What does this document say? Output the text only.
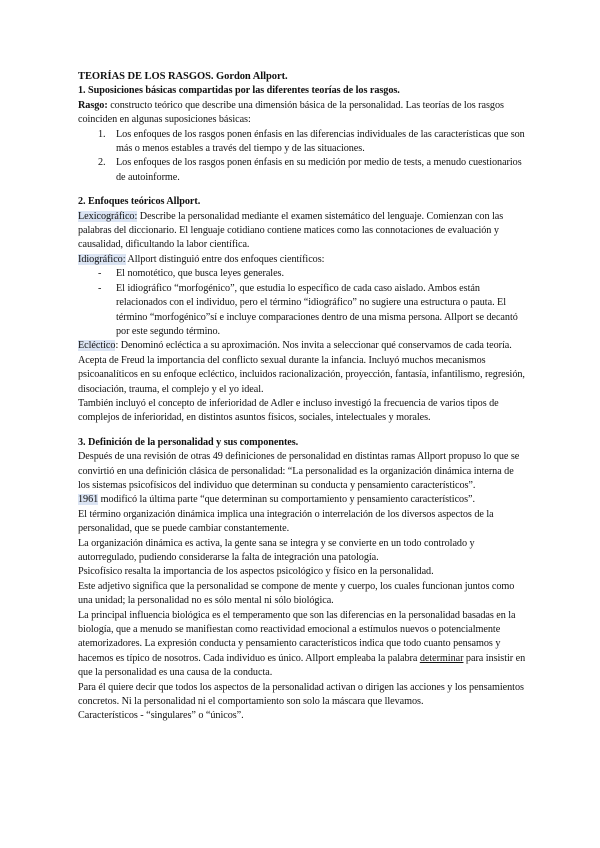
TEORÍAS DE LOS RASGOS. Gordon Allport.

1. Suposiciones básicas compartidas por las diferentes teorías de los rasgos.

Rasgo: constructo teórico que describe una dimensión básica de la personalidad. Las teorías de los rasgos coinciden en algunas suposiciones básicas:

1. Los enfoques de los rasgos ponen énfasis en las diferencias individuales de las características que son más o menos estables a través del tiempo y de las situaciones.
2. Los enfoques de los rasgos ponen énfasis en su medición por medio de tests, a menudo cuestionarios de autoinforme.

2. Enfoques teóricos Allport.

Lexicográfico: Describe la personalidad mediante el examen sistemático del lenguaje. Comienzan con las palabras del diccionario. El lenguaje cotidiano contiene matices como las connotaciones de evaluación y causalidad, dificultando la labor científica.

Idiográfico: Allport distinguió entre dos enfoques científicos:

- El nomotético, que busca leyes generales.
- El idiográfico “morfogénico”, que estudia lo específico de cada caso aislado. Ambos están relacionados con el individuo, pero el término “idiográfico” no sugiere una estructura o pauta. El término “morfogénico”sí e incluye comparaciones dentro de una misma persona. Allport se decantó por este segundo término.

Ecléctico: Denominó ecléctica a su aproximación. Nos invita a seleccionar qué conservamos de cada teoría.

Acepta de Freud la importancia del conflicto sexual durante la infancia. Incluyó muchos mecanismos psicoanalíticos en su enfoque ecléctico, incluidos racionalización, proyección, fantasía, infantilismo, regresión, disociación, trauma, el complejo y el yo ideal.

También incluyó el concepto de inferioridad de Adler e incluso investigó la frecuencia de varios tipos de complejos de inferioridad, en distintos asuntos físicos, sociales, intelectuales y morales.

3. Definición de la personalidad y sus componentes.

Después de una revisión de otras 49 definiciones de personalidad en distintas ramas Allport propuso lo que se convirtió en una definición clásica de personalidad: “La personalidad es la organización dinámica interna de los sistemas psicofísicos del individuo que determinan su conducta y pensamiento característicos”.

1961 modificó la última parte “que determinan su comportamiento y pensamiento característicos”.

El término organización dinámica implica una integración o interrelación de los diversos aspectos de la personalidad, que se puede cambiar constantemente.

La organización dinámica es activa, la gente sana se integra y se convierte en un todo controlado y autorregulado, pudiendo considerarse la falta de integración una patología.

Psicofísico resalta la importancia de los aspectos psicológico y físico en la personalidad.

Este adjetivo significa que la personalidad se compone de mente y cuerpo, los cuales funcionan juntos como una unidad; la personalidad no es sólo mental ni sólo biológica.

La principal influencia biológica es el temperamento que son las diferencias en la personalidad basadas en la biología, que a menudo se manifiestan como reactividad emocional a estímulos nuevos o potencialmente atemorizadores. La expresión conducta y pensamiento característicos indica que todo cuanto pensamos y hacemos es típico de nosotros. Cada individuo es único. Allport empleaba la palabra determinar para insistir en que la personalidad es una causa de la conducta.

Para él quiere decir que todos los aspectos de la personalidad activan o dirigen las acciones y los pensamientos concretos. Ni la personalidad ni el comportamiento son solo la máscara que llevamos.

Característicos - “singulares” o “únicos”.
